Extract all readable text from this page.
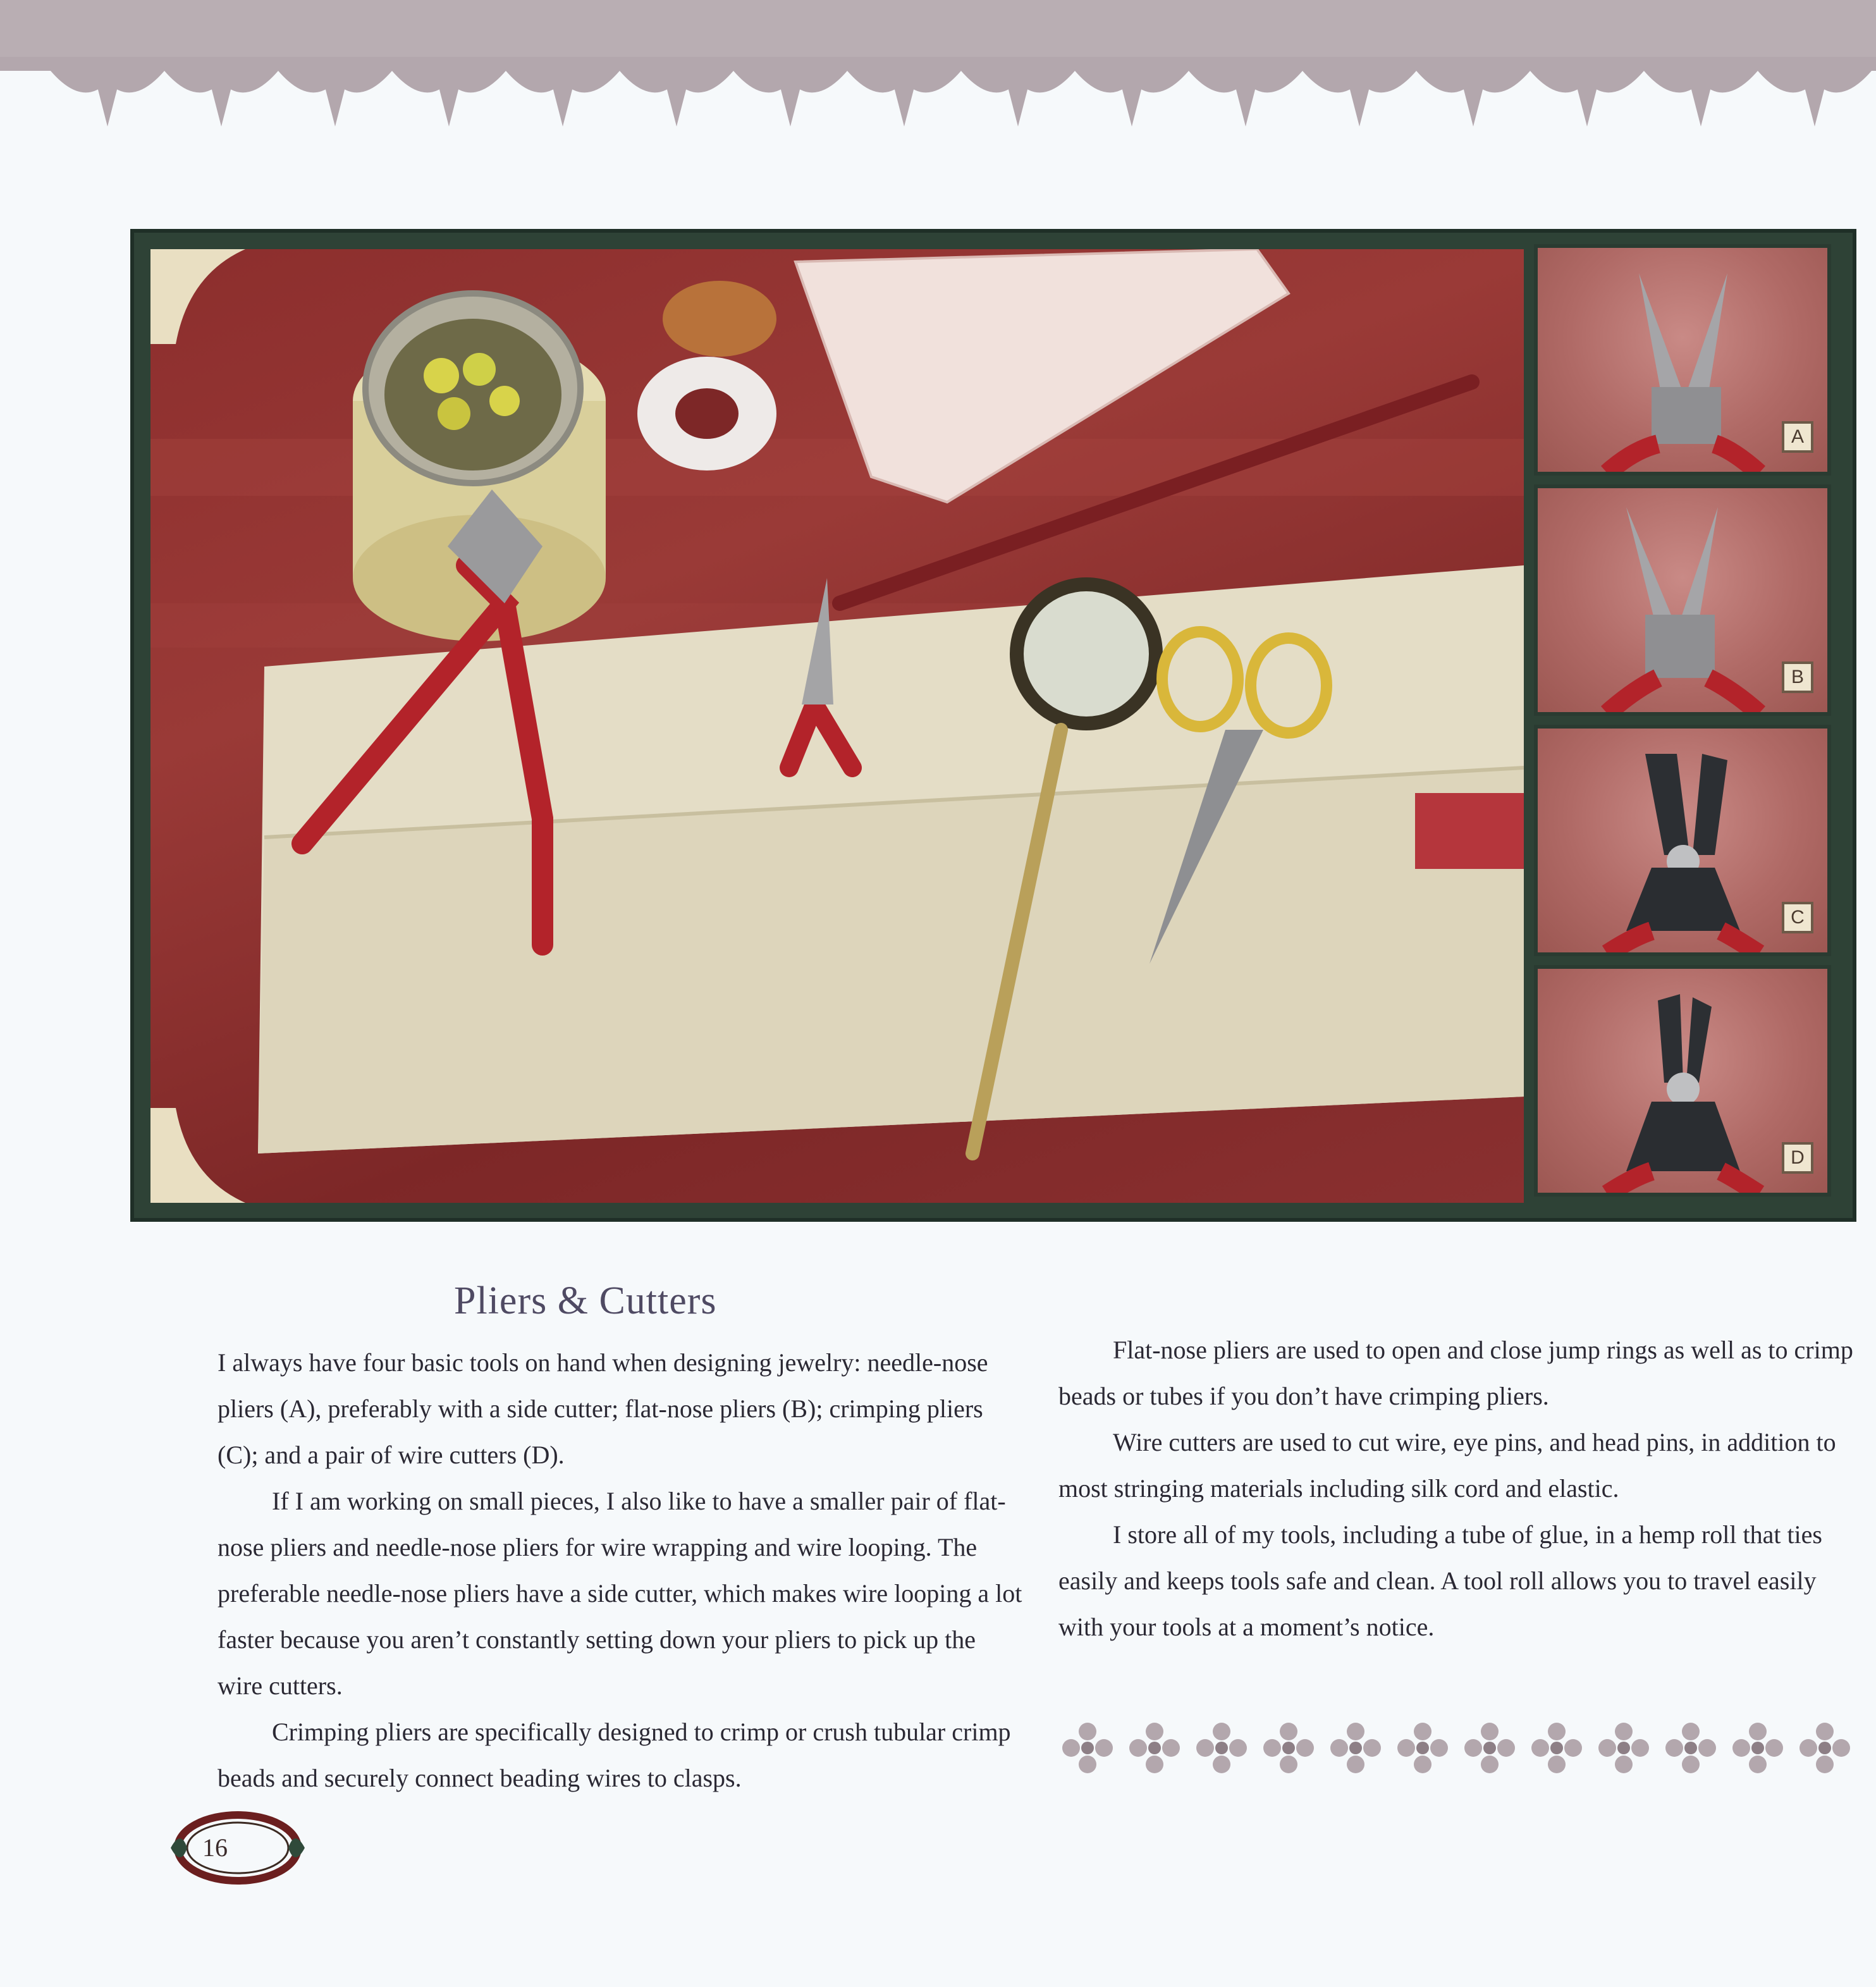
A
B
C
D
Pliers & Cutters

I always have four basic tools on hand when designing jewelry: needle-nose pliers (A), preferably with a side cutter; flat-nose pliers (B); crimping pliers (C); and a pair of wire cutters (D).

If I am working on small pieces, I also like to have a smaller pair of flat-nose pliers and needle-nose pliers for wire wrapping and wire looping. The preferable needle-nose pliers have a side cutter, which makes wire looping a lot faster because you aren’t constantly setting down your pliers to pick up the wire cutters.

Crimping pliers are specifically designed to crimp or crush tubular crimp beads and securely connect beading wires to clasps.

Flat-nose pliers are used to open and close jump rings as well as to crimp beads or tubes if you don’t have crimping pliers.

Wire cutters are used to cut wire, eye pins, and head pins, in addition to most stringing materials including silk cord and elastic.

I store all of my tools, including a tube of glue, in a hemp roll that ties easily and keeps tools safe and clean. A tool roll allows you to travel easily with your tools at a moment’s notice.

16
